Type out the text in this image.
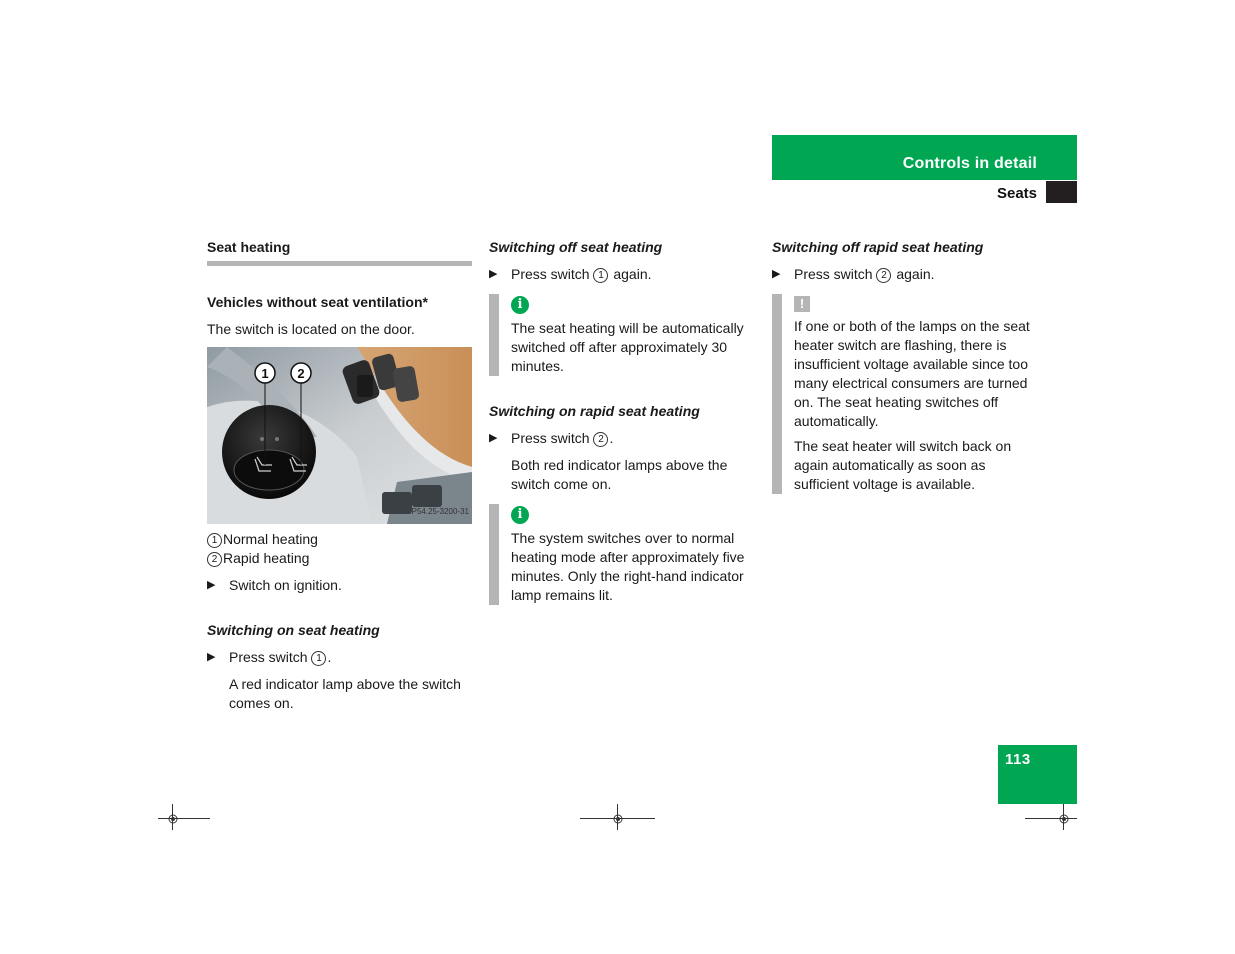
Controls in detail
Seats
Seat heating
Vehicles without seat ventilation*

The switch is located on the door.

1 2
P54.25-3200-31
1 Normal heating
2 Rapid heating
▶ Switch on ignition.
Switching on seat heating
▶ Press switch 1 .

A red indicator lamp above the switch comes on.

Switching off seat heating
▶ Press switch 1 again.
i

The seat heating will be automatically switched off after approximately 30 minutes.

Switching on rapid seat heating
▶ Press switch 2 .

Both red indicator lamps above the switch come on.

i

The system switches over to normal heating mode after approximately five minutes. Only the right-hand indicator lamp remains lit.

Switching off rapid seat heating
▶ Press switch 2 again.
!

If one or both of the lamps on the seat heater switch are flashing, there is insufficient voltage available since too many electrical consumers are turned on. The seat heating switches off automatically.

The seat heater will switch back on again automatically as soon as sufficient voltage is available.

113
